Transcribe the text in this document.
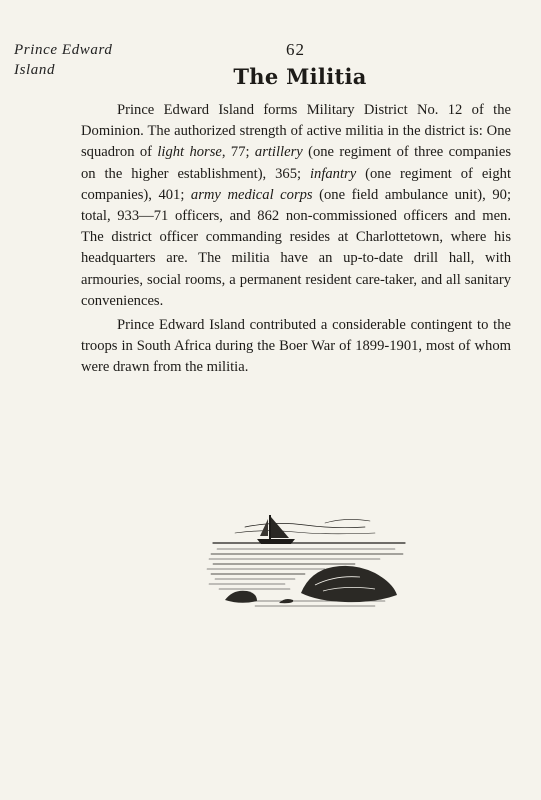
Prince Edward
Island
62
The Militia

Prince Edward Island forms Military District No. 12 of the Dominion. The authorized strength of active militia in the district is: One squadron of light horse, 77; artillery (one regiment of three companies on the higher establishment), 365; infantry (one regiment of eight companies), 401; army medical corps (one field ambulance unit), 90; total, 933—71 officers, and 862 non-commissioned officers and men. The district officer commanding resides at Charlottetown, where his headquarters are. The militia have an up-to-date drill hall, with armouries, social rooms, a permanent resident care-taker, and all sanitary conveniences.

Prince Edward Island contributed a considerable contingent to the troops in South Africa during the Boer War of 1899-1901, most of whom were drawn from the militia.
